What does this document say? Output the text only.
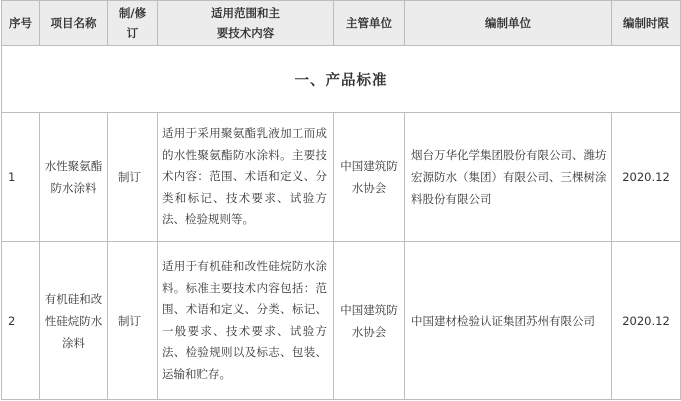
序号	项目名称	制/修订	适用范围和主要技术内容	主管单位	编制单位	编制时限
一、产品标准						
1	水性聚氨酯防水涂料	制订	适用于采用聚氨酯乳液加工而成的水性聚氨酯防水涂料。主要技术内容：范围、术语和定义、分类和标记、技术要求、试验方法、检验规则等。	中国建筑防水协会	烟台万华化学集团股份有限公司、潍坊宏源防水（集团）有限公司、三棵树涂料股份有限公司	2020.12
2	有机硅和改性硅烷防水涂料	制订	适用于有机硅和改性硅烷防水涂料。标准主要技术内容包括：范围、术语和定义、分类、标记、一般要求、技术要求、试验方法、检验规则以及标志、包装、运输和贮存。	中国建筑防水协会	中国建材检验认证集团苏州有限公司	2020.12
